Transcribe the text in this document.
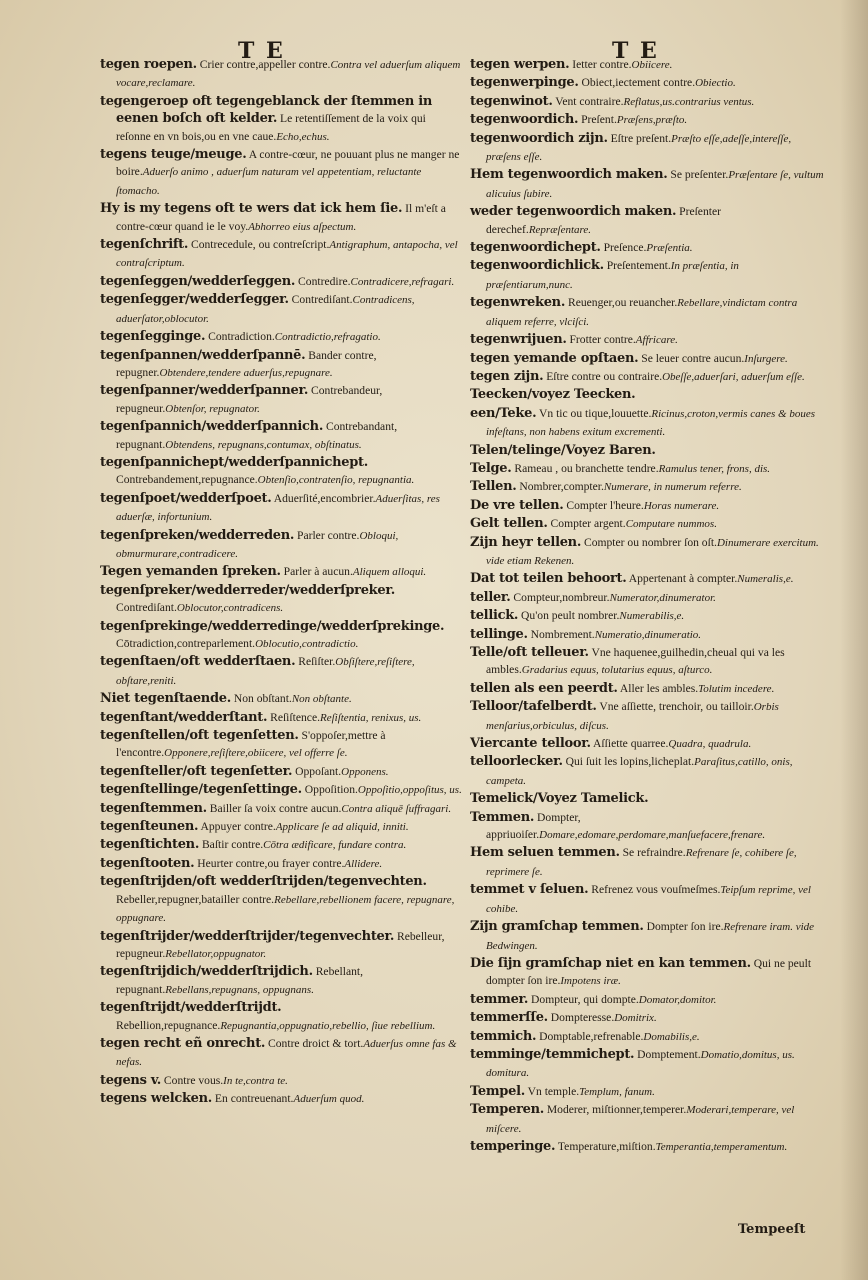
T E	T E

tegen roepen. Crier contre,appeller contre.Contra vel aduerſum aliquem vocare,reclamare.

tegengeroep oft tegengeblanck der ſtemmen in eenen boſch oft kelder. Le retentiſſement de la voix qui reſonne en vn bois,ou en vne caue.Echo,echus.

tegens teuge/meuge. A contre-cœur, ne pouuant plus ne manger ne boire.Aduerſo animo , aduerſum naturam vel appetentiam, reluctante ſtomacho.

Hy is my tegens oft te wers dat ick hem ſie. Il m'eſt a contre-cœur quand ie le voy.Abhorreo eius aſpectum.

tegenſchrift. Contrecedule, ou contreſcript.Antigraphum, antapocha, vel contraſcriptum.

tegenſeggen/wedderſeggen. Contredire.Contradicere,refragari.

tegenſegger/wedderſegger. Contrediſant.Contradicens, aduerſator,oblocutor.

tegenſegginge. Contradiction.Contradictio,refragatio.

tegenſpannen/wedderſpannē. Bander contre, repugner.Obtendere,tendere aduerſus,repugnare.

tegenſpanner/wedderſpanner. Contrebandeur, repugneur.Obtenſor, repugnator.

tegenſpannich/wedderſpannich. Contrebandant, repugnant.Obtendens, repugnans,contumax, obſtinatus.

tegenſpannichept/wedderſpannichept. Contrebandement,repugnance.Obtenſio,contratenſio, repugnantia.

tegenſpoet/wedderſpoet. Aduerſité,encombrier.Aduerſitas, res aduerſæ, infortunium.

tegenſpreken/wedderreden. Parler contre.Obloqui, obmurmurare,contradicere.

Tegen yemanden ſpreken. Parler à aucun.Aliquem alloqui.

tegenſpreker/wedderreder/wedderſpreker. Contrediſant.Oblocutor,contradicens.

tegenſprekinge/wedderredinge/wedderſprekinge. Cōtradiction,contreparlement.Oblocutio,contradictio.

tegenſtaen/oft wedderſtaen. Reſiſter.Obſiſtere,reſiſtere, obſtare,reniti.

Niet tegenſtaende. Non obſtant.Non obſtante.

tegenſtant/wedderſtant. Reſiſtence.Reſiſtentia, renixus, us.

tegenſtellen/oft tegenſetten. S'oppoſer,mettre à l'encontre.Opponere,reſiſtere,obiicere, vel offerre ſe.

tegenſteller/oft tegenſetter. Oppoſant.Opponens.

tegenſtellinge/tegenſettinge. Oppoſition.Oppoſitio,oppoſitus, us.

tegenſtemmen. Bailler ſa voix contre aucun.Contra aliquē ſuffragari.

tegenſteunen. Appuyer contre.Applicare ſe ad aliquid, inniti.

tegenſtichten. Baſtir contre.Cōtra ædificare, fundare contra.

tegenſtooten. Heurter contre,ou frayer contre.Allidere.

tegenſtrijden/oft wedderſtrijden/tegenvechten. Rebeller,repugner,batailler contre.Rebellare,rebellionem facere, repugnare, oppugnare.

tegenſtrijder/wedderſtrijder/tegenvechter. Rebelleur, repugneur.Rebellator,oppugnator.

tegenſtrijdich/wedderſtrijdich. Rebellant, repugnant.Rebellans,repugnans, oppugnans.

tegenſtrijdt/wedderſtrijdt. Rebellion,repugnance.Repugnantia,oppugnatio,rebellio, ſiue rebellium.

tegen recht eñ onrecht. Contre droict & tort.Aduerſus omne fas & nefas.

tegens v. Contre vous.In te,contra te.

tegens welcken. En contreuenant.Aduerſum quod.

tegen werpen. Ietter contre.Obiicere.

tegenwerpinge. Obiect,iectement contre.Obiectio.

tegenwinot. Vent contraire.Reflatus,us.contrarius ventus.

tegenwoordich. Preſent.Præſens,præſto.

tegenwoordich zijn. Eſtre preſent.Præſto eſſe,adeſſe,intereſſe, præſens eſſe.

Hem tegenwoordich maken. Se preſenter.Præſentare ſe, vultum alicuius ſubire.

weder tegenwoordich maken. Preſenter derechef.Repræſentare.

tegenwoordichept. Preſence.Præſentia.

tegenwoordichlick. Preſentement.In præſentia, in præſentiarum,nunc.

tegenwreken. Reuenger,ou reuancher.Rebellare,vindictam contra aliquem referre, vlciſci.

tegenwrijuen. Frotter contre.Affricare.

tegen yemande opſtaen. Se leuer contre aucun.Inſurgere.

tegen zijn. Eſtre contre ou contraire.Obeſſe,aduerſari, aduerſum eſſe.

Teecken/voyez Teecken.

een/Teke. Vn tic ou tique,louuette.Ricinus,croton,vermis canes & boues infeſtans, non habens exitum excrementi.

Telen/telinge/Voyez Baren.

Telge. Rameau , ou branchette tendre.Ramulus tener, frons, dis.

Tellen. Nombrer,compter.Numerare, in numerum referre.

De vre tellen. Compter l'heure.Horas numerare.

Gelt tellen. Compter argent.Computare nummos.

Zijn heyr tellen. Compter ou nombrer ſon oſt.Dinumerare exercitum. vide etiam Rekenen.

Dat tot teilen behoort. Appertenant à compter.Numeralis,e.

teller. Compteur,nombreur.Numerator,dinumerator.

tellick. Qu'on peult nombrer.Numerabilis,e.

tellinge. Nombrement.Numeratio,dinumeratio.

Telle/oft telleuer. Vne haquenee,guilhedin,cheual qui va les ambles.Gradarius equus, tolutarius equus, aſturco.

tellen als een peerdt. Aller les ambles.Tolutim incedere.

Telloor/tafelberdt. Vne aſſiette, trenchoir, ou tailloir.Orbis menſarius,orbiculus, diſcus.

Viercante telloor. Aſſiette quarree.Quadra, quadrula.

telloorlecker. Qui ſuit les lopins,licheplat.Paraſitus,catillo, onis, campeta.

Temelick/Voyez Tamelick.

Temmen. Dompter, appriuoiſer.Domare,edomare,perdomare,manſuefacere,frenare.

Hem seluen temmen. Se refraindre.Refrenare ſe, cohibere ſe, reprimere ſe.

temmet v ſeluen. Refrenez vous vouſmeſmes.Teipſum reprime, vel cohibe.

Zijn gramſchap temmen. Dompter ſon ire.Refrenare iram. vide Bedwingen.

Die ſijn gramſchap niet en kan temmen. Qui ne peult dompter ſon ire.Impotens iræ.

temmer. Dompteur, qui dompte.Domator,domitor.

temmerſſe. Dompteresse.Domitrix.

temmich. Domptable,refrenable.Domabilis,e.

temminge/temmichept. Domptement.Domatio,domitus, us. domitura.

Tempel. Vn temple.Templum, fanum.

Temperen. Moderer, miſtionner,temperer.Moderari,temperare, vel miſcere.

temperinge. Temperature,miſtion.Temperantia,temperamentum.

Tempeeſt
